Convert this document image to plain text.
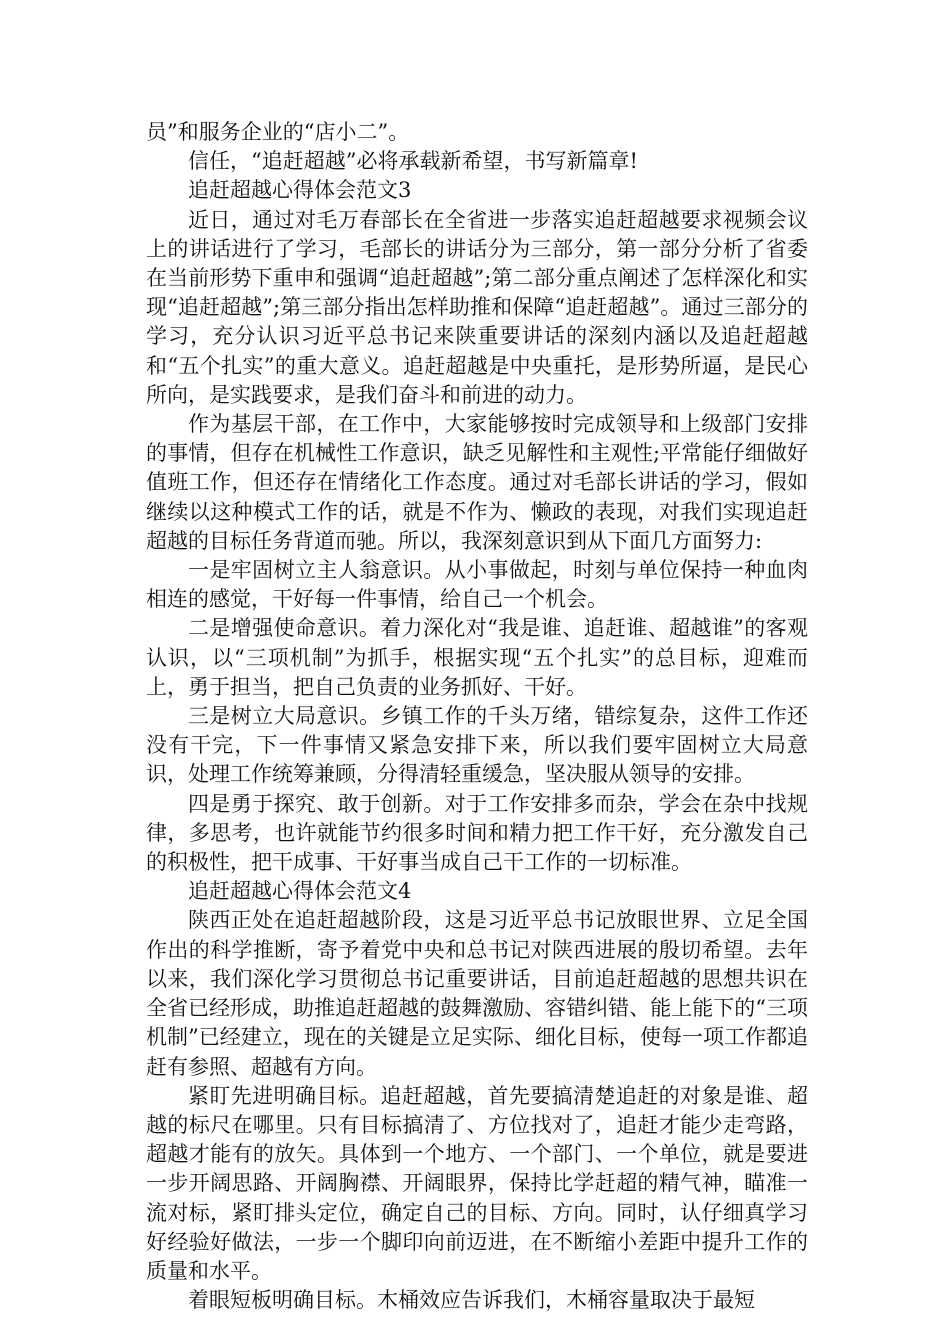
员”和服务企业的“店小二”。

信任，“追赶超越”必将承载新希望，书写新篇章!

追赶超越心得体会范文3

近日，通过对毛万春部长在全省进一步落实追赶超越要求视频会议上的讲话进行了学习，毛部长的讲话分为三部分，第一部分分析了省委在当前形势下重申和强调“追赶超越”;第二部分重点阐述了怎样深化和实现“追赶超越”;第三部分指出怎样助推和保障“追赶超越”。通过三部分的学习，充分认识习近平总书记来陕重要讲话的深刻内涵以及追赶超越和“五个扎实”的重大意义。追赶超越是中央重托，是形势所逼，是民心所向，是实践要求，是我们奋斗和前进的动力。

作为基层干部，在工作中，大家能够按时完成领导和上级部门安排的事情，但存在机械性工作意识，缺乏见解性和主观性;平常能仔细做好值班工作，但还存在情绪化工作态度。通过对毛部长讲话的学习，假如继续以这种模式工作的话，就是不作为、懒政的表现，对我们实现追赶超越的目标任务背道而驰。所以，我深刻意识到从下面几方面努力:

一是牢固树立主人翁意识。从小事做起，时刻与单位保持一种血肉相连的感觉，干好每一件事情，给自己一个机会。

二是增强使命意识。着力深化对“我是谁、追赶谁、超越谁”的客观认识，以“三项机制”为抓手，根据实现“五个扎实”的总目标，迎难而上，勇于担当，把自己负责的业务抓好、干好。

三是树立大局意识。乡镇工作的千头万绪，错综复杂，这件工作还没有干完，下一件事情又紧急安排下来，所以我们要牢固树立大局意识，处理工作统筹兼顾，分得清轻重缓急，坚决服从领导的安排。

四是勇于探究、敢于创新。对于工作安排多而杂，学会在杂中找规律，多思考，也许就能节约很多时间和精力把工作干好，充分激发自己的积极性，把干成事、干好事当成自己干工作的一切标准。

追赶超越心得体会范文4

陕西正处在追赶超越阶段，这是习近平总书记放眼世界、立足全国作出的科学推断，寄予着党中央和总书记对陕西进展的殷切希望。去年以来，我们深化学习贯彻总书记重要讲话，目前追赶超越的思想共识在全省已经形成，助推追赶超越的鼓舞激励、容错纠错、能上能下的“三项机制”已经建立，现在的关键是立足实际、细化目标，使每一项工作都追赶有参照、超越有方向。

紧盯先进明确目标。追赶超越，首先要搞清楚追赶的对象是谁、超越的标尺在哪里。只有目标搞清了、方位找对了，追赶才能少走弯路，超越才能有的放矢。具体到一个地方、一个部门、一个单位，就是要进一步开阔思路、开阔胸襟、开阔眼界，保持比学赶超的精气神，瞄准一流对标，紧盯排头定位，确定自己的目标、方向。同时，认仔细真学习好经验好做法，一步一个脚印向前迈进，在不断缩小差距中提升工作的质量和水平。

着眼短板明确目标。木桶效应告诉我们，木桶容量取决于最短
